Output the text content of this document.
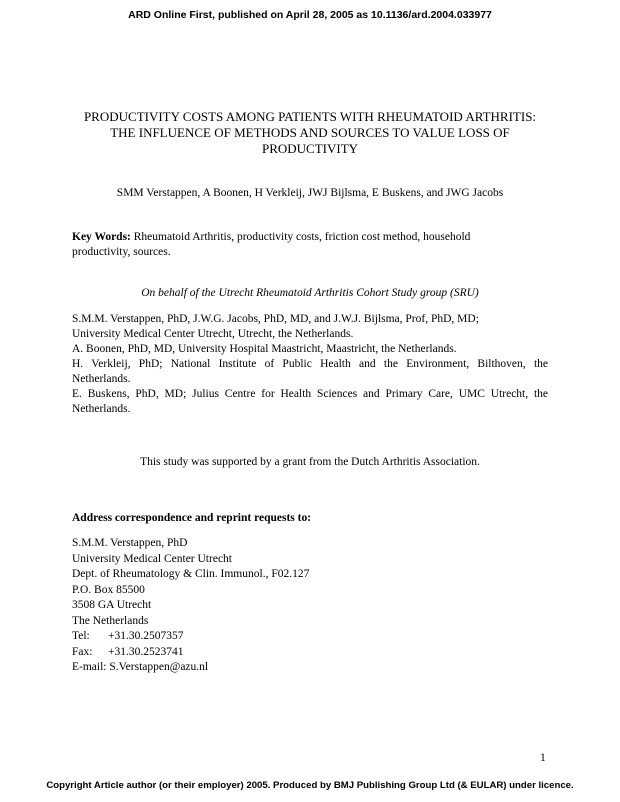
ARD Online First, published on April 28, 2005 as 10.1136/ard.2004.033977
PRODUCTIVITY COSTS AMONG PATIENTS WITH RHEUMATOID ARTHRITIS:
THE INFLUENCE OF METHODS AND SOURCES TO VALUE LOSS OF
PRODUCTIVITY
SMM Verstappen, A Boonen, H Verkleij, JWJ Bijlsma, E Buskens, and JWG Jacobs
Key Words: Rheumatoid Arthritis, productivity costs, friction cost method, household
productivity, sources.
On behalf of the Utrecht Rheumatoid Arthritis Cohort Study group (SRU)
S.M.M. Verstappen, PhD, J.W.G. Jacobs, PhD, MD, and J.W.J. Bijlsma, Prof, PhD, MD;
University Medical Center Utrecht, Utrecht, the Netherlands.
A. Boonen, PhD, MD, University Hospital Maastricht, Maastricht, the Netherlands.
H. Verkleij, PhD; National Institute of Public Health and the Environment, Bilthoven, the
Netherlands.
E. Buskens, PhD, MD; Julius Centre for Health Sciences and Primary Care, UMC Utrecht, the
Netherlands.
This study was supported by a grant from the Dutch Arthritis Association.
Address correspondence and reprint requests to:
S.M.M. Verstappen, PhD
University Medical Center Utrecht
Dept. of Rheumatology & Clin. Immunol., F02.127
P.O. Box 85500
3508 GA Utrecht
The Netherlands
Tel: +31.30.2507357
Fax: +31.30.2523741
E-mail: S.Verstappen@azu.nl
1
Copyright Article author (or their employer) 2005. Produced by BMJ Publishing Group Ltd (& EULAR) under licence.
